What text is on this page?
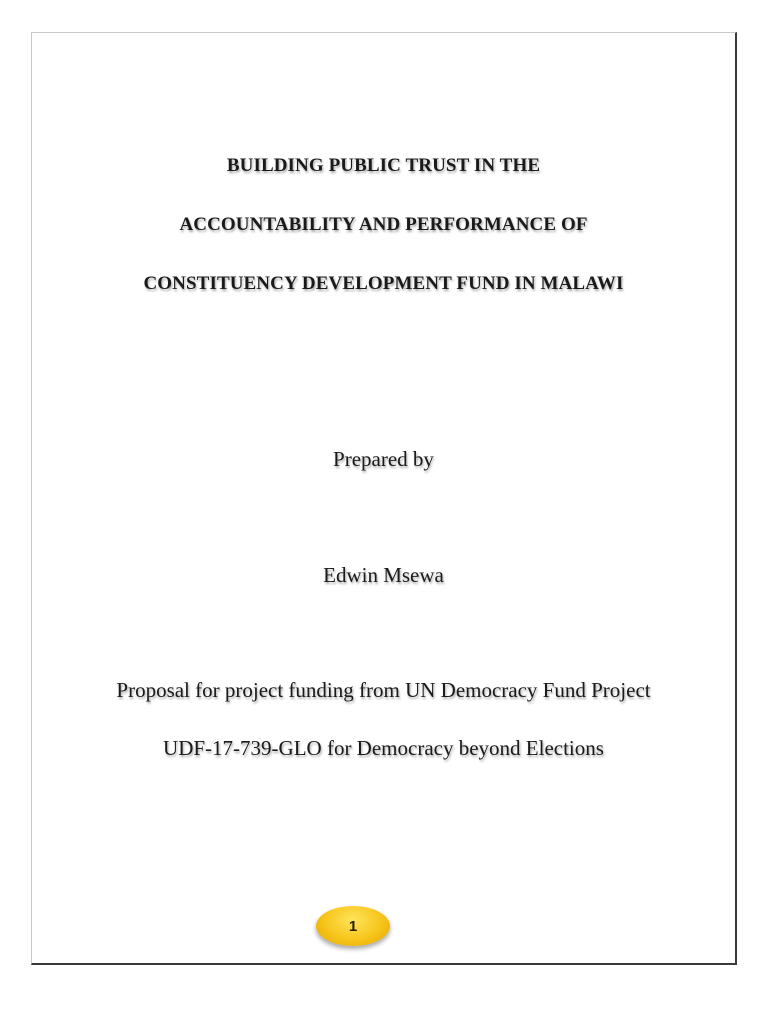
BUILDING PUBLIC TRUST IN THE
ACCOUNTABILITY AND PERFORMANCE OF
CONSTITUENCY DEVELOPMENT FUND IN MALAWI
Prepared by
Edwin Msewa
Proposal for project funding from UN Democracy Fund Project
UDF-17-739-GLO for Democracy beyond Elections
1
